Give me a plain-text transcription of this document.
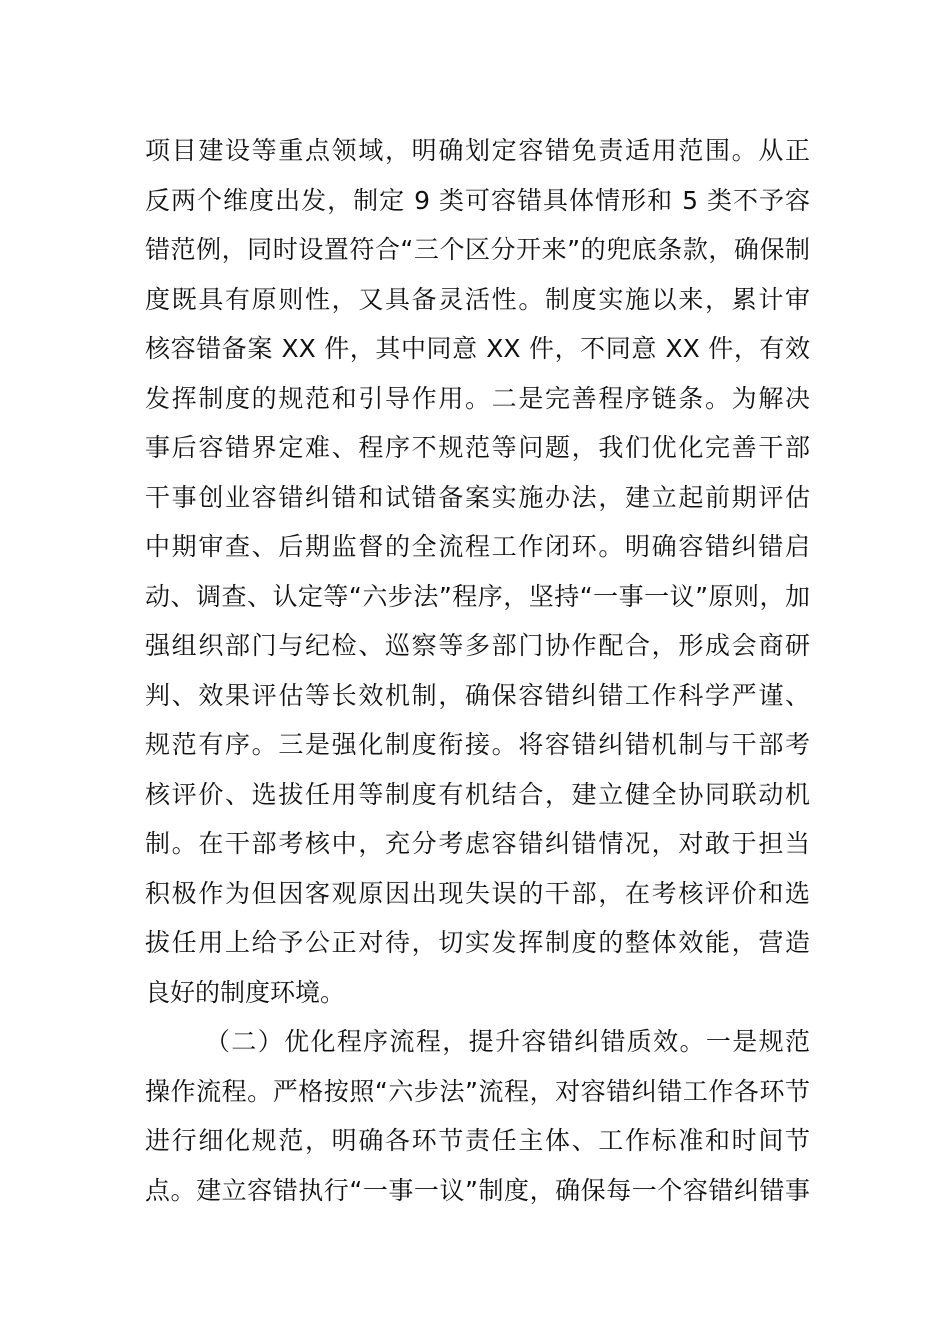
项目建设等重点领域，明确划定容错免责适用范围。从正
反两个维度出发，制定 9 类可容错具体情形和 5 类不予容
错范例，同时设置符合“三个区分开来”的兜底条款，确保制
度既具有原则性，又具备灵活性。制度实施以来，累计审
核容错备案 XX 件，其中同意 XX 件，不同意 XX 件，有效
发挥制度的规范和引导作用。二是完善程序链条。为解决
事后容错界定难、程序不规范等问题，我们优化完善干部
干事创业容错纠错和试错备案实施办法，建立起前期评估
中期审查、后期监督的全流程工作闭环。明确容错纠错启
动、调查、认定等“六步法”程序，坚持“一事一议”原则，加
强组织部门与纪检、巡察等多部门协作配合，形成会商研
判、效果评估等长效机制，确保容错纠错工作科学严谨、
规范有序。三是强化制度衔接。将容错纠错机制与干部考
核评价、选拔任用等制度有机结合，建立健全协同联动机
制。在干部考核中，充分考虑容错纠错情况，对敢于担当
积极作为但因客观原因出现失误的干部，在考核评价和选
拔任用上给予公正对待，切实发挥制度的整体效能，营造
良好的制度环境。
（二）优化程序流程，提升容错纠错质效。一是规范
操作流程。严格按照“六步法”流程，对容错纠错工作各环节
进行细化规范，明确各环节责任主体、工作标准和时间节
点。建立容错执行“一事一议”制度，确保每一个容错纠错事
